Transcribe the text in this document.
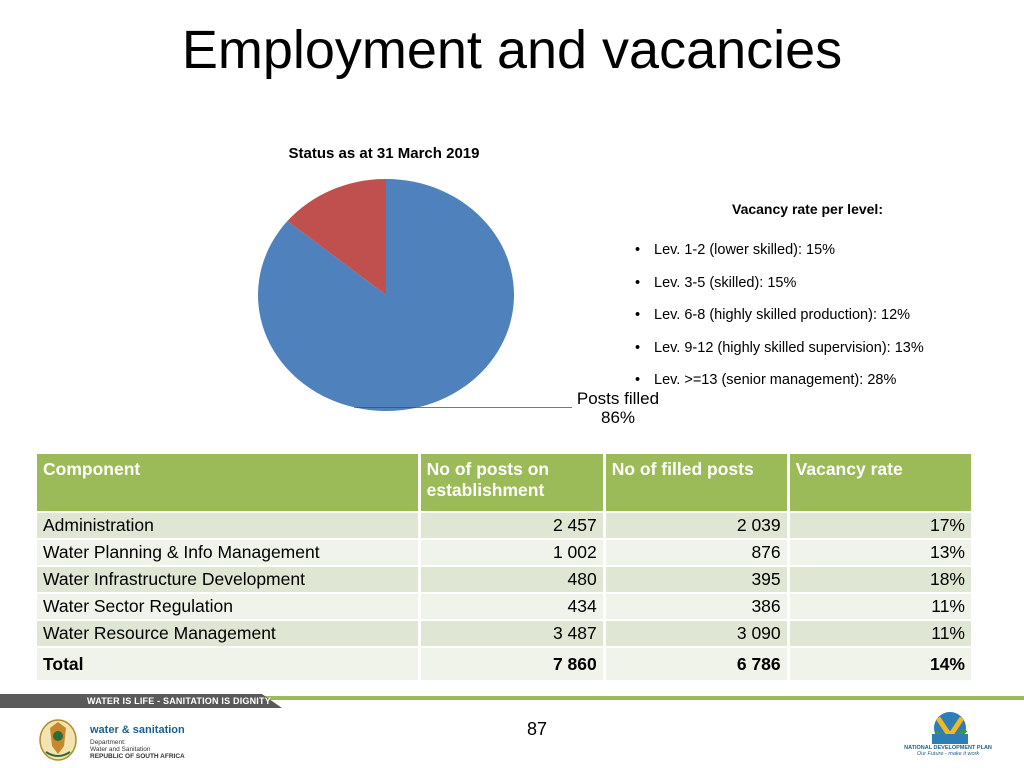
Employment and vacancies
Status as at 31 March 2019
Posts filled
86%
Vacancy rate per level:
• Lev. 1-2 (lower skilled): 15%
• Lev. 3-5 (skilled): 15%
• Lev. 6-8 (highly skilled production): 12%
• Lev. 9-12 (highly skilled supervision): 13%
• Lev. >=13 (senior management): 28%
Component	No of posts on establishment	No of filled posts	Vacancy rate
Administration	2 457	2 039	17%
Water Planning & Info Management	1 002	876	13%
Water Infrastructure Development	480	395	18%
Water Sector Regulation	434	386	11%
Water Resource Management	3 487	3 090	11%
Total	7 860	6 786	14%
WATER IS LIFE - SANITATION IS DIGNITY
water & sanitation
Department:
Water and Sanitation
REPUBLIC OF SOUTH AFRICA
87
NATIONAL DEVELOPMENT PLAN
Our Future - make it work
